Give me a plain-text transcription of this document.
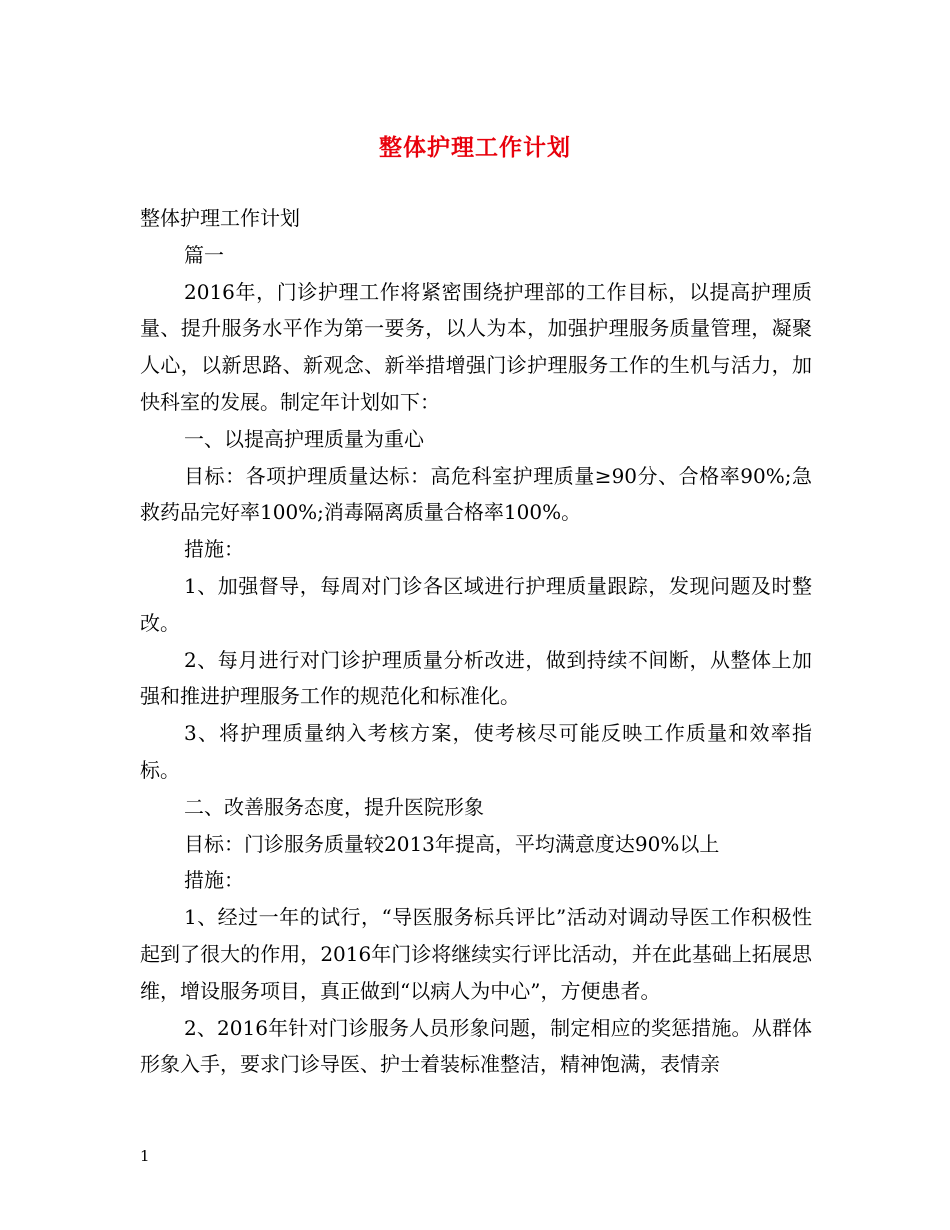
整体护理工作计划

整体护理工作计划

篇一

2016年，门诊护理工作将紧密围绕护理部的工作目标，以提高护理质量、提升服务水平作为第一要务，以人为本，加强护理服务质量管理，凝聚人心，以新思路、新观念、新举措增强门诊护理服务工作的生机与活力，加快科室的发展。制定年计划如下：

一、以提高护理质量为重心

目标：各项护理质量达标：高危科室护理质量≥90分、合格率90%;急救药品完好率100%;消毒隔离质量合格率100%。

措施：

1、加强督导，每周对门诊各区域进行护理质量跟踪，发现问题及时整改。

2、每月进行对门诊护理质量分析改进，做到持续不间断，从整体上加强和推进护理服务工作的规范化和标准化。

3、将护理质量纳入考核方案，使考核尽可能反映工作质量和效率指标。

二、改善服务态度，提升医院形象

目标：门诊服务质量较2013年提高，平均满意度达90%以上

措施：

1、经过一年的试行，“导医服务标兵评比”活动对调动导医工作积极性起到了很大的作用，2016年门诊将继续实行评比活动，并在此基础上拓展思维，增设服务项目，真正做到“以病人为中心”，方便患者。

2、2016年针对门诊服务人员形象问题，制定相应的奖惩措施。从群体形象入手，要求门诊导医、护士着装标准整洁，精神饱满，表情亲

1
